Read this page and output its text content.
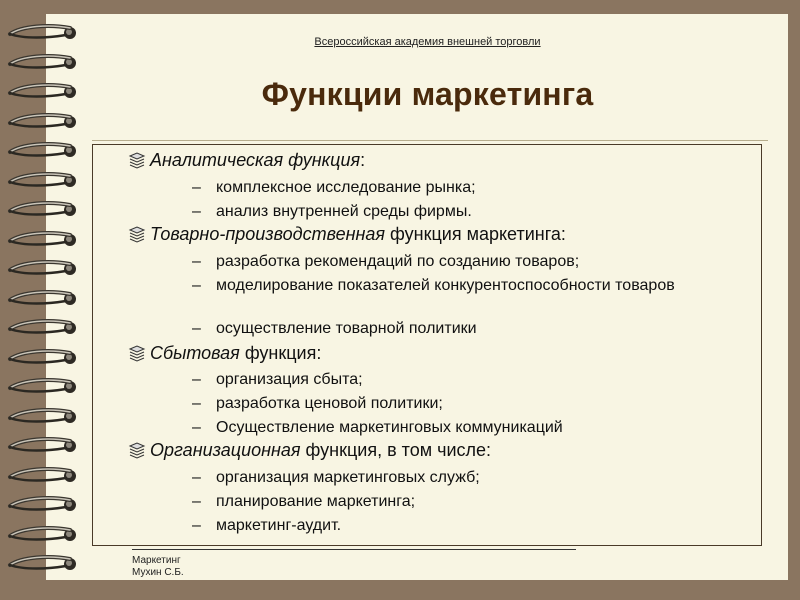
Всероссийская академия внешней торговли
Функции маркетинга
Аналитическая функция:
– комплексное исследование рынка;
– анализ внутренней среды фирмы.
Товарно-производственная функция маркетинга:
– разработка рекомендаций по созданию товаров;
– моделирование показателей конкурентоспособности товаров
– осуществление товарной политики
Сбытовая функция:
– организация сбыта;
– разработка ценовой политики;
– Осуществление маркетинговых коммуникаций
Организационная функция, в том числе:
– организация маркетинговых служб;
– планирование маркетинга;
– маркетинг-аудит.
Маркетинг
Мухин С.Б.
